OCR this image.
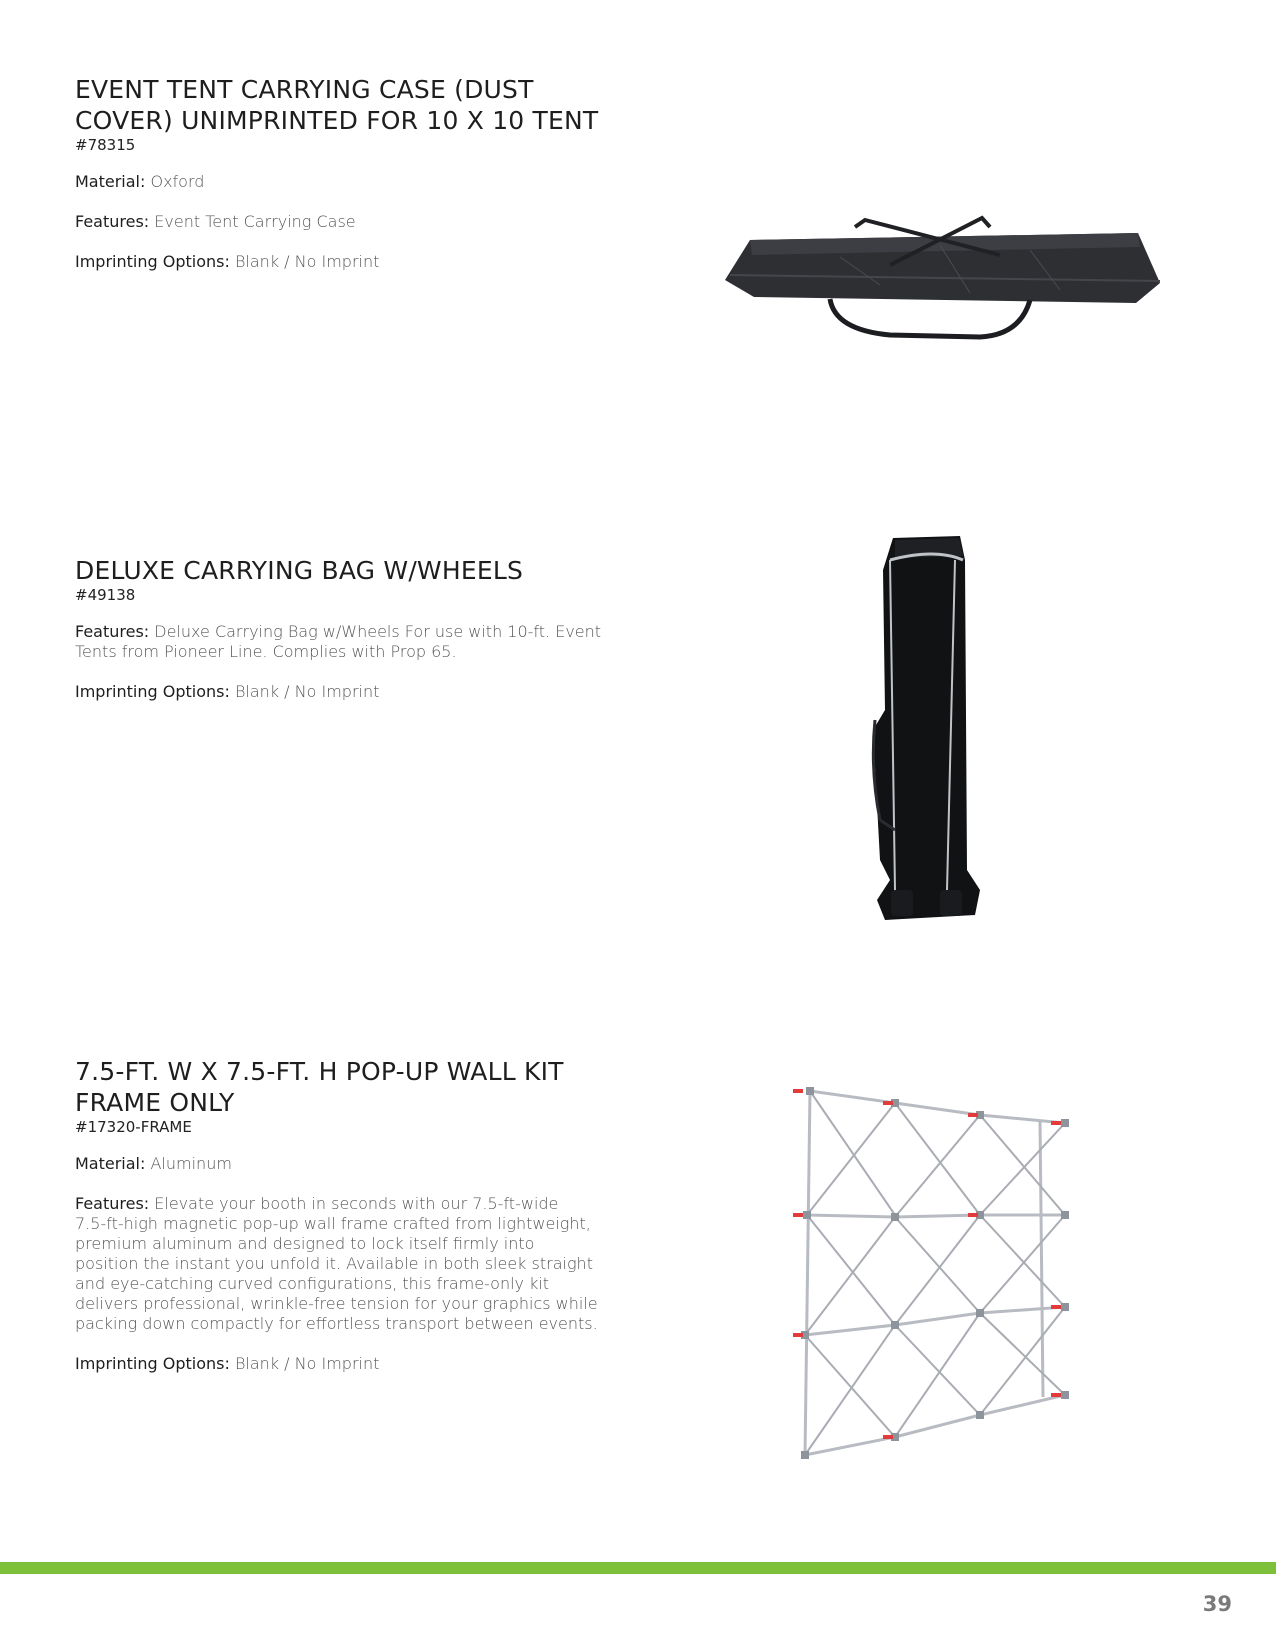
EVENT TENT CARRYING CASE (DUST
COVER) UNIMPRINTED FOR 10 X 10 TENT
#78315
Material: Oxford
Features: Event Tent Carrying Case
Imprinting Options: Blank / No Imprint
DELUXE CARRYING BAG W/WHEELS
#49138
Features: Deluxe Carrying Bag w/Wheels For use with 10-ft. Event
Tents from Pioneer Line. Complies with Prop 65.
Imprinting Options: Blank / No Imprint
7.5-FT. W X 7.5-FT. H POP-UP WALL KIT
FRAME ONLY
#17320-FRAME
Material: Aluminum
Features: Elevate your booth in seconds with our 7.5-ft-wide
7.5-ft-high magnetic pop-up wall frame crafted from lightweight,
premium aluminum and designed to lock itself firmly into
position the instant you unfold it. Available in both sleek straight
and eye-catching curved configurations, this frame-only kit
delivers professional, wrinkle-free tension for your graphics while
packing down compactly for effortless transport between events.
Imprinting Options: Blank / No Imprint
39
